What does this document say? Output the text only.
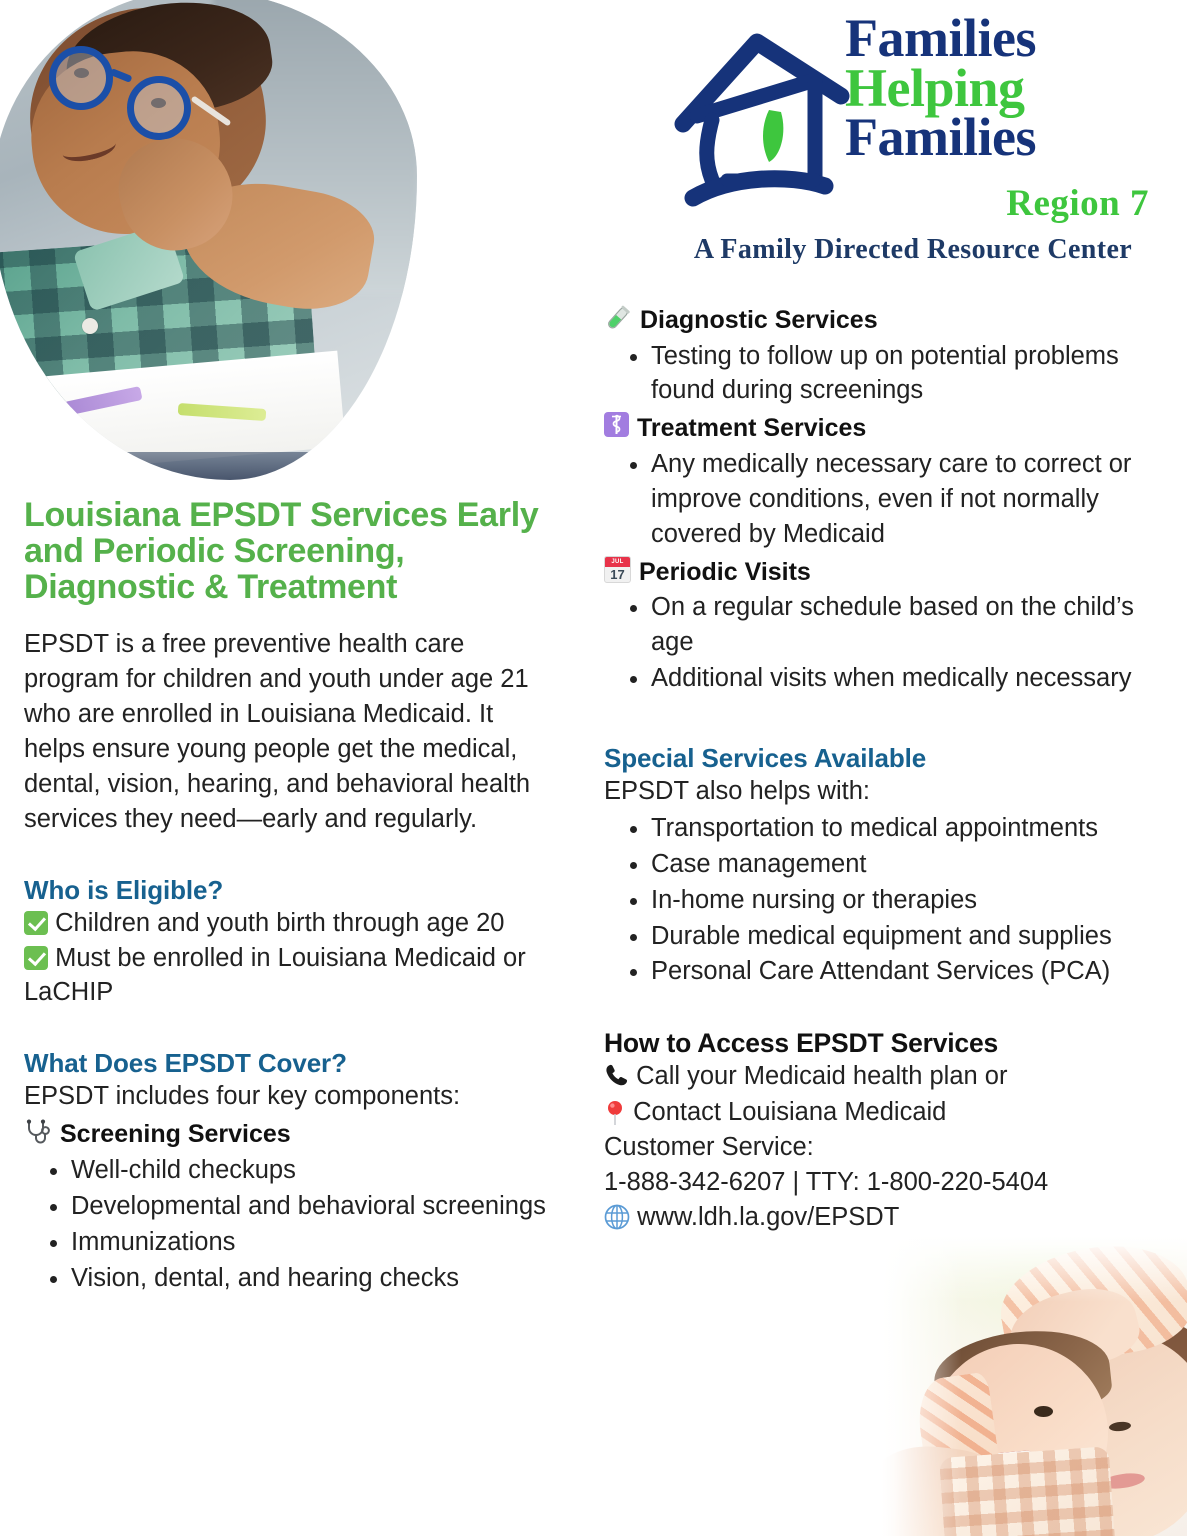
Families
Helping
Families
Region 7
A Family Directed Resource Center
Louisiana EPSDT Services Early and Periodic Screening, Diagnostic & Treatment
EPSDT is a free preventive health care program for children and youth under age 21 who are enrolled in Louisiana Medicaid. It helps ensure young people get the medical, dental, vision, hearing, and behavioral health services they need—early and regularly.
Who is Eligible?
Children and youth birth through age 20
Must be enrolled in Louisiana Medicaid or LaCHIP
What Does EPSDT Cover?
EPSDT includes four key components:
Screening Services
Well-child checkups
Developmental and behavioral screenings
Immunizations
Vision, dental, and hearing checks
Diagnostic Services
Testing to follow up on potential problems found during screenings
Treatment Services
Any medically necessary care to correct or improve conditions, even if not normally covered by Medicaid
JUL
17 Periodic Visits
On a regular schedule based on the child’s age
Additional visits when medically necessary
Special Services Available
EPSDT also helps with:
Transportation to medical appointments
Case management
In-home nursing or therapies
Durable medical equipment and supplies
Personal Care Attendant Services (PCA)
How to Access EPSDT Services
Call your Medicaid health plan or
Contact Louisiana Medicaid
Customer Service:
1-888-342-6207 | TTY: 1-800-220-5404
www.ldh.la.gov/EPSDT
